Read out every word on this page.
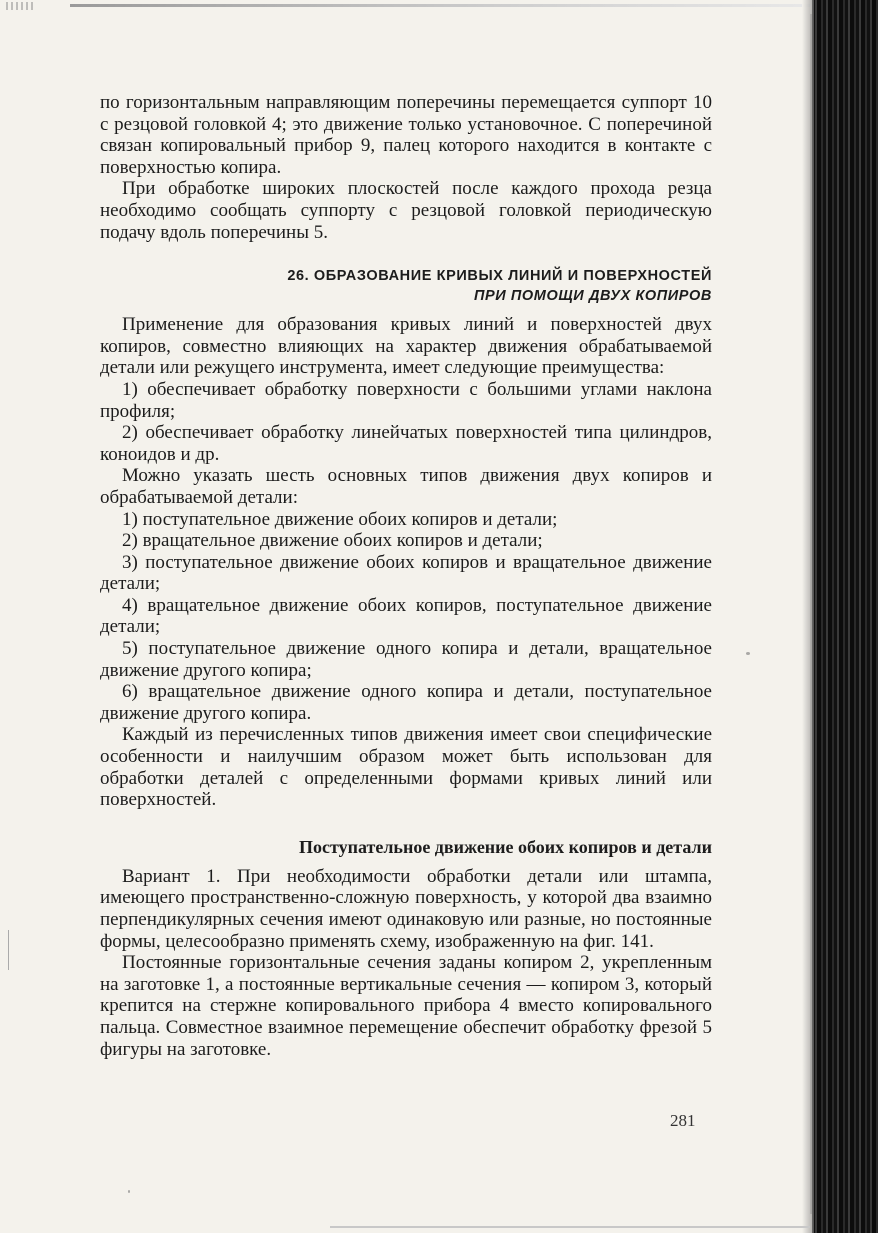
по горизонтальным направляющим поперечины перемещается суппорт 10 с резцовой головкой 4; это движение только установочное. С поперечиной связан копировальный прибор 9, палец которого находится в контакте с поверхностью копира.

При обработке широких плоскостей после каждого прохода резца необходимо сообщать суппорту с резцовой головкой периодическую подачу вдоль поперечины 5.

26. ОБРАЗОВАНИЕ КРИВЫХ ЛИНИЙ И ПОВЕРХНОСТЕЙ
ПРИ ПОМОЩИ ДВУХ КОПИРОВ

Применение для образования кривых линий и поверхностей двух копиров, совместно влияющих на характер движения обрабатываемой детали или режущего инструмента, имеет следующие преимущества:

1) обеспечивает обработку поверхности с большими углами наклона профиля;

2) обеспечивает обработку линейчатых поверхностей типа цилиндров, коноидов и др.

Можно указать шесть основных типов движения двух копиров и обрабатываемой детали:

1) поступательное движение обоих копиров и детали;

2) вращательное движение обоих копиров и детали;

3) поступательное движение обоих копиров и вращательное движение детали;

4) вращательное движение обоих копиров, поступательное движение детали;

5) поступательное движение одного копира и детали, вращательное движение другого копира;

6) вращательное движение одного копира и детали, поступательное движение другого копира.

Каждый из перечисленных типов движения имеет свои специфические особенности и наилучшим образом может быть использован для обработки деталей с определенными формами кривых линий или поверхностей.

Поступательное движение обоих копиров и детали

Вариант 1. При необходимости обработки детали или штампа, имеющего пространственно-сложную поверхность, у которой два взаимно перпендикулярных сечения имеют одинаковую или разные, но постоянные формы, целесообразно применять схему, изображенную на фиг. 141.

Постоянные горизонтальные сечения заданы копиром 2, укрепленным на заготовке 1, а постоянные вертикальные сечения — копиром 3, который крепится на стержне копировального прибора 4 вместо копировального пальца. Совместное взаимное перемещение обеспечит обработку фрезой 5 фигуры на заготовке.

281
